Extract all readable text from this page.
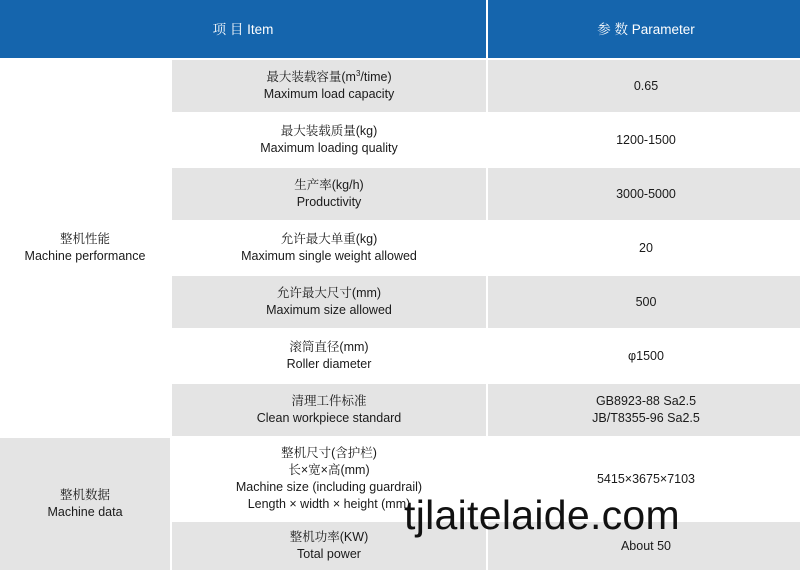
项 目 Item	参 数 Parameter
整机性能
Machine performance
整机数据
Machine data
最大装载容量$(m^3/time)$
Maximum load capacity
0.65
最大装载质量(kg)
Maximum loading quality
1200-1500
生产率(kg/h)
Productivity
3000-5000
允许最大单重(kg)
Maximum single weight allowed
20
允许最大尺寸(mm)
Maximum size allowed
500
滚筒直径(mm)
Roller diameter
φ1500
清理工件标准
Clean workpiece standard
GB8923-88 Sa2.5
JB/T8355-96 Sa2.5
整机尺寸(含护栏)
长×宽×高(mm)
Machine size (including guardrail)
Length × width × height (mm)
5415×3675×7103
整机功率(KW)
Total power
About 50
tjlaitelaide.com
